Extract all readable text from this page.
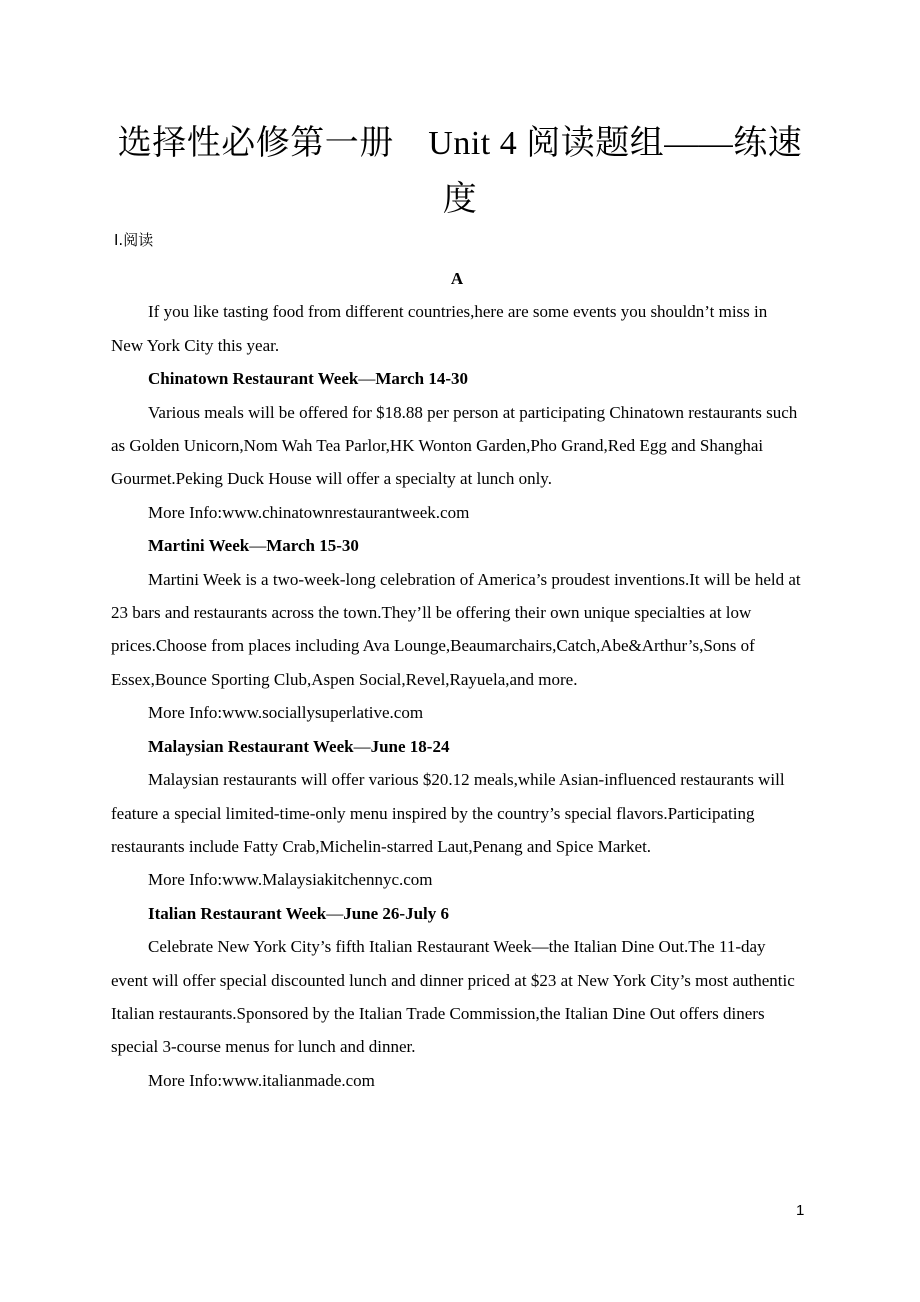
选择性必修第一册　Unit 4 阅读题组——练速
度
Ⅰ.阅读
A

If you like tasting food from different countries,here are some events you shouldn’t miss in New York City this year.

Chinatown Restaurant Week—March 14-30

Various meals will be offered for $18.88 per person at participating Chinatown restaurants such as Golden Unicorn,Nom Wah Tea Parlor,HK Wonton Garden,Pho Grand,Red Egg and Shanghai Gourmet.Peking Duck House will offer a specialty at lunch only.

More Info:www.chinatownrestaurantweek.com

Martini Week—March 15-30

Martini Week is a two-week-long celebration of America’s proudest inventions.It will be held at 23 bars and restaurants across the town.They’ll be offering their own unique specialties at low prices.Choose from places including Ava Lounge,Beaumarchairs,Catch,Abe&Arthur’s,Sons of Essex,Bounce Sporting Club,Aspen Social,Revel,Rayuela,and more.

More Info:www.sociallysuperlative.com

Malaysian Restaurant Week—June 18-24

Malaysian restaurants will offer various $20.12 meals,while Asian-influenced restaurants will feature a special limited-time-only menu inspired by the country’s special flavors.Participating restaurants include Fatty Crab,Michelin-starred Laut,Penang and Spice Market.

More Info:www.Malaysiakitchennyc.com

Italian Restaurant Week—June 26-July 6

Celebrate New York City’s fifth Italian Restaurant Week—the Italian Dine Out.The 11-day event will offer special discounted lunch and dinner priced at $23 at New York City’s most authentic Italian restaurants.Sponsored by the Italian Trade Commission,the Italian Dine Out offers diners special 3-course menus for lunch and dinner.

More Info:www.italianmade.com

1
